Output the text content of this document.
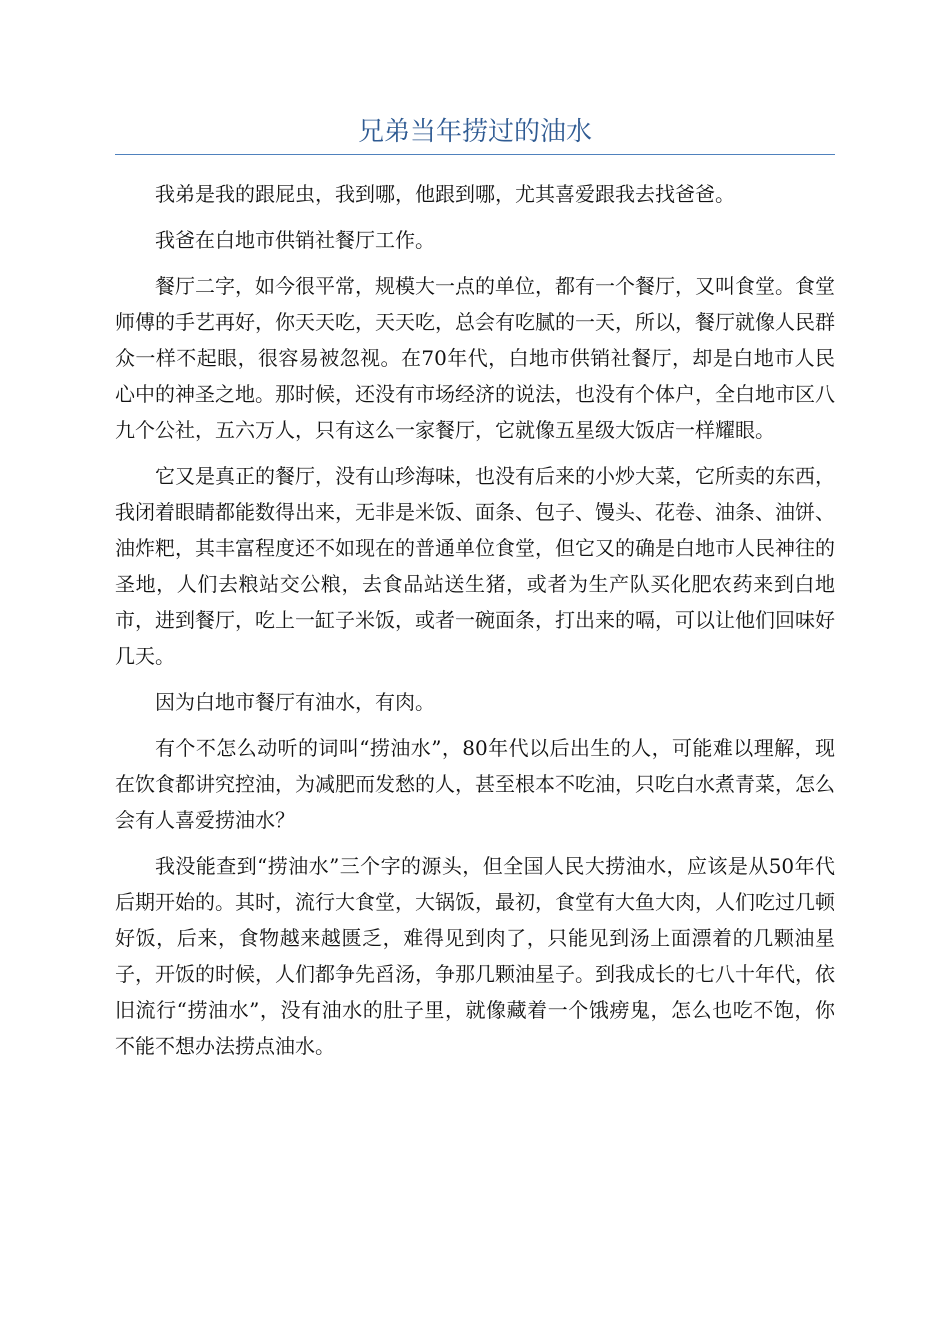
兄弟当年捞过的油水

我弟是我的跟屁虫，我到哪，他跟到哪，尤其喜爱跟我去找爸爸。

我爸在白地市供销社餐厅工作。

餐厅二字，如今很平常，规模大一点的单位，都有一个餐厅，又叫食堂。食堂师傅的手艺再好，你天天吃，天天吃，总会有吃腻的一天，所以，餐厅就像人民群众一样不起眼，很容易被忽视。在70年代，白地市供销社餐厅，却是白地市人民心中的神圣之地。那时候，还没有市场经济的说法，也没有个体户，全白地市区八九个公社，五六万人，只有这么一家餐厅，它就像五星级大饭店一样耀眼。

它又是真正的餐厅，没有山珍海味，也没有后来的小炒大菜，它所卖的东西，我闭着眼睛都能数得出来，无非是米饭、面条、包子、馒头、花卷、油条、油饼、油炸粑，其丰富程度还不如现在的普通单位食堂，但它又的确是白地市人民神往的圣地，人们去粮站交公粮，去食品站送生猪，或者为生产队买化肥农药来到白地市，进到餐厅，吃上一缸子米饭，或者一碗面条，打出来的嗝，可以让他们回味好几天。

因为白地市餐厅有油水，有肉。

有个不怎么动听的词叫“捞油水”，80年代以后出生的人，可能难以理解，现在饮食都讲究控油，为减肥而发愁的人，甚至根本不吃油，只吃白水煮青菜，怎么会有人喜爱捞油水？

我没能查到“捞油水”三个字的源头，但全国人民大捞油水，应该是从50年代后期开始的。其时，流行大食堂，大锅饭，最初，食堂有大鱼大肉，人们吃过几顿好饭，后来，食物越来越匮乏，难得见到肉了，只能见到汤上面漂着的几颗油星子，开饭的时候，人们都争先舀汤，争那几颗油星子。到我成长的七八十年代，依旧流行“捞油水”，没有油水的肚子里，就像藏着一个饿痨鬼，怎么也吃不饱，你不能不想办法捞点油水。
